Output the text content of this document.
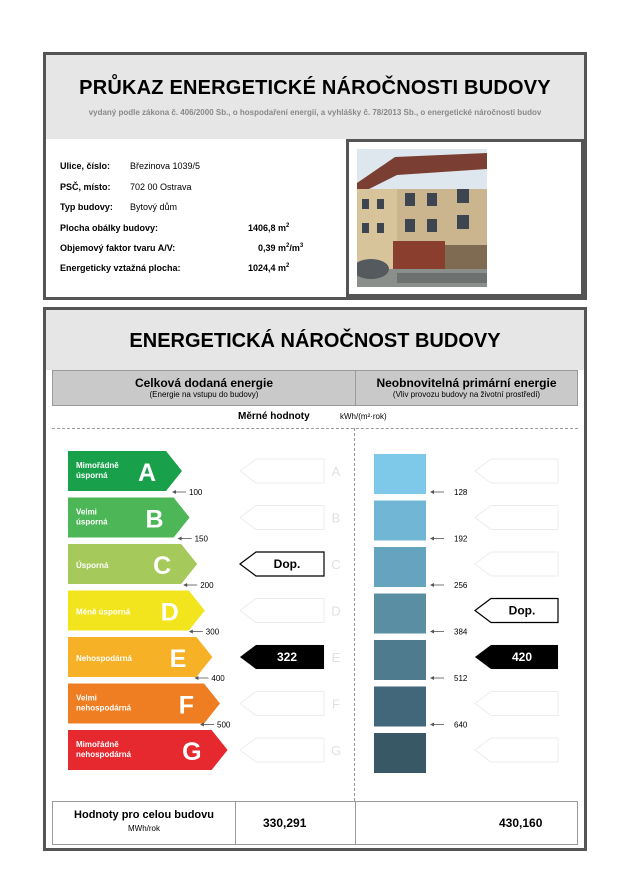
PRŮKAZ ENERGETICKÉ NÁROČNOSTI BUDOVY
vydaný podle zákona č. 406/2000 Sb., o hospodaření energií, a vyhlášky č. 78/2013 Sb., o energetické náročnosti budov
Ulice, číslo: Březinova 1039/5
PSČ, místo: 702 00 Ostrava
Typ budovy: Bytový dům
Plocha obálky budovy:	1406,8 $m^2$
Objemový faktor tvaru A/V:	0,39 $m^2/m^3$
Energeticky vztažná plocha:	1024,4 $m^2$
ENERGETICKÁ NÁROČNOST BUDOVY
Celková dodaná energie
(Energie na vstupu do budovy)
Neobnovitelná primární energie
(Vliv provozu budovy na životní prostředí)
Měrné hodnoty	kWh/(m²·rok)
Mimořádně
úsporná A	A
Velmi
úsporná B	B
Úsporná C	C
Méně úsporná D	D
Nehospodárná E	E
Velmi
nehospodárná F	F
Mimořádně
nehospodárná G	G
100	128
150	192
200	256
300	384
400	512
500	640
Dop.
322
Dop.
420
Hodnoty pro celou budovu
MWh/rok	330,291	430,160
